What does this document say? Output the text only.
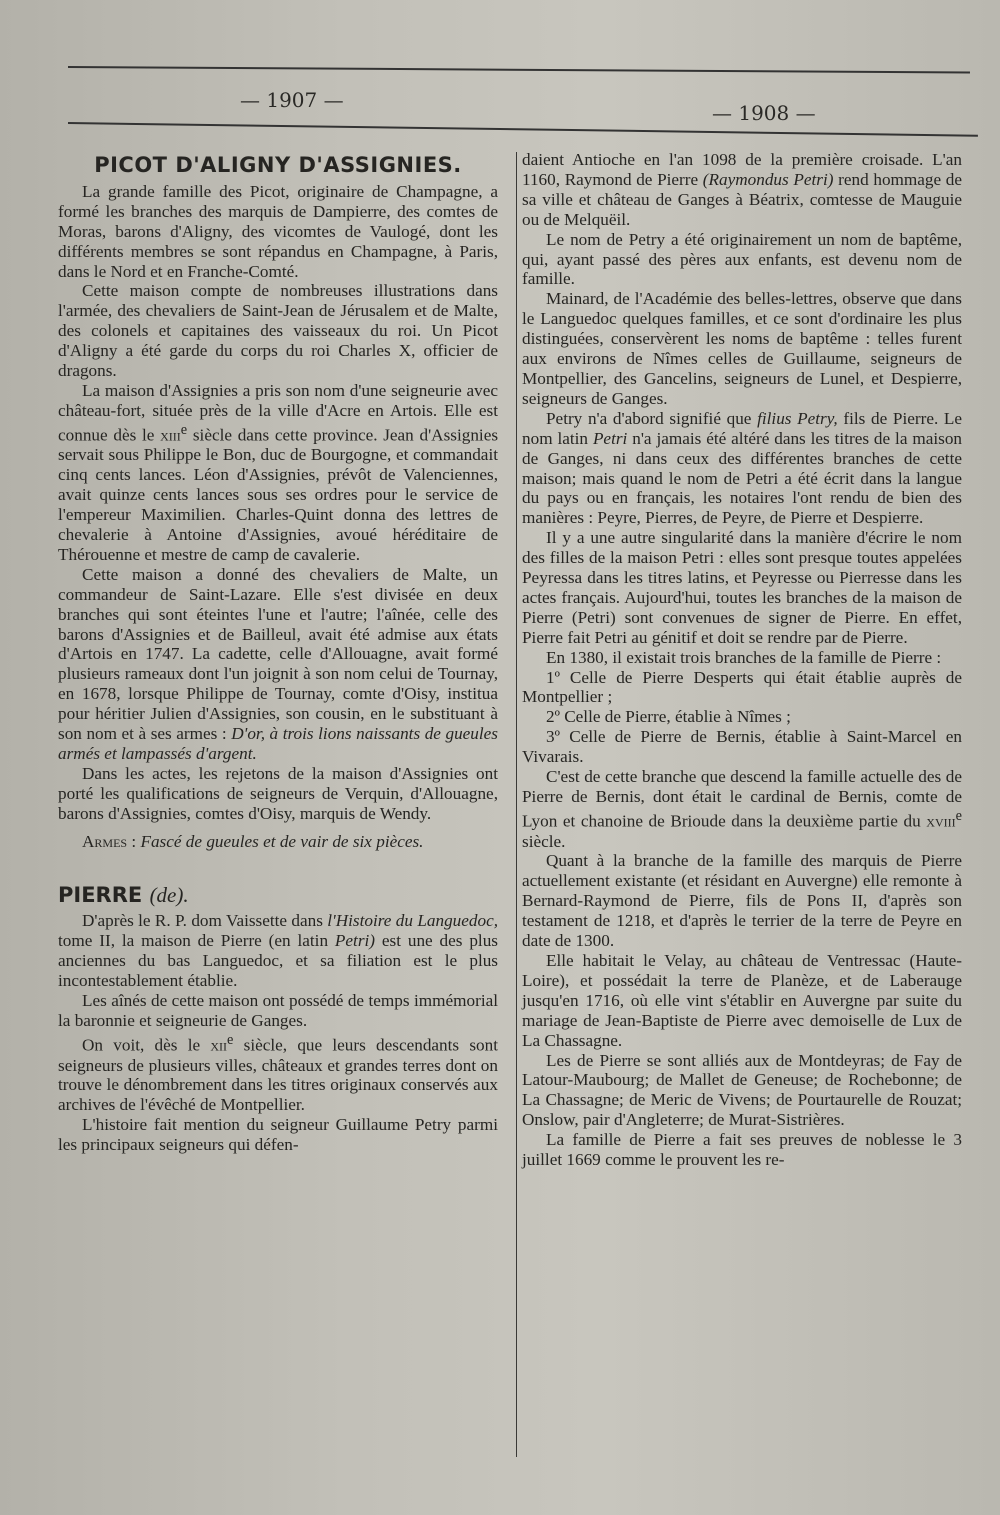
— 1907 —
— 1908 —
PICOT D'ALIGNY D'ASSIGNIES.

La grande famille des Picot, originaire de Champagne, a formé les branches des marquis de Dampierre, des comtes de Moras, barons d'Aligny, des vicomtes de Vaulogé, dont les différents membres se sont répandus en Champagne, à Paris, dans le Nord et en Franche-Comté.

Cette maison compte de nombreuses illustrations dans l'armée, des chevaliers de Saint-Jean de Jérusalem et de Malte, des colonels et capitaines des vaisseaux du roi. Un Picot d'Aligny a été garde du corps du roi Charles X, officier de dragons.

La maison d'Assignies a pris son nom d'une seigneurie avec château-fort, située près de la ville d'Acre en Artois. Elle est connue dès le xiii$^e$ siècle dans cette province. Jean d'Assignies servait sous Philippe le Bon, duc de Bourgogne, et commandait cinq cents lances. Léon d'Assignies, prévôt de Valenciennes, avait quinze cents lances sous ses ordres pour le service de l'empereur Maximilien. Charles-Quint donna des lettres de chevalerie à Antoine d'Assignies, avoué héréditaire de Thérouenne et mestre de camp de cavalerie.

Cette maison a donné des chevaliers de Malte, un commandeur de Saint-Lazare. Elle s'est divisée en deux branches qui sont éteintes l'une et l'autre; l'aînée, celle des barons d'Assignies et de Bailleul, avait été admise aux états d'Artois en 1747. La cadette, celle d'Allouagne, avait formé plusieurs rameaux dont l'un joignit à son nom celui de Tournay, en 1678, lorsque Philippe de Tournay, comte d'Oisy, institua pour héritier Julien d'Assignies, son cousin, en le substituant à son nom et à ses armes : D'or, à trois lions naissants de gueules armés et lampassés d'argent.

Dans les actes, les rejetons de la maison d'Assignies ont porté les qualifications de seigneurs de Verquin, d'Allouagne, barons d'Assignies, comtes d'Oisy, marquis de Wendy.

Armes : Fascé de gueules et de vair de six pièces.

PIERRE (de).

D'après le R. P. dom Vaissette dans l'Histoire du Languedoc, tome II, la maison de Pierre (en latin Petri) est une des plus anciennes du bas Languedoc, et sa filiation est le plus incontestablement établie.

Les aînés de cette maison ont possédé de temps immémorial la baronnie et seigneurie de Ganges.

On voit, dès le xii$^e$ siècle, que leurs descendants sont seigneurs de plusieurs villes, châteaux et grandes terres dont on trouve le dénombrement dans les titres originaux conservés aux archives de l'évêché de Montpellier.

L'histoire fait mention du seigneur Guillaume Petry parmi les principaux seigneurs qui défen-

daient Antioche en l'an 1098 de la première croisade. L'an 1160, Raymond de Pierre (Raymondus Petri) rend hommage de sa ville et château de Ganges à Béatrix, comtesse de Mauguie ou de Melquëil.

Le nom de Petry a été originairement un nom de baptême, qui, ayant passé des pères aux enfants, est devenu nom de famille.

Mainard, de l'Académie des belles-lettres, observe que dans le Languedoc quelques familles, et ce sont d'ordinaire les plus distinguées, conservèrent les noms de baptême : telles furent aux environs de Nîmes celles de Guillaume, seigneurs de Montpellier, des Gancelins, seigneurs de Lunel, et Despierre, seigneurs de Ganges.

Petry n'a d'abord signifié que filius Petry, fils de Pierre. Le nom latin Petri n'a jamais été altéré dans les titres de la maison de Ganges, ni dans ceux des différentes branches de cette maison; mais quand le nom de Petri a été écrit dans la langue du pays ou en français, les notaires l'ont rendu de bien des manières : Peyre, Pierres, de Peyre, de Pierre et Despierre.

Il y a une autre singularité dans la manière d'écrire le nom des filles de la maison Petri : elles sont presque toutes appelées Peyressa dans les titres latins, et Peyresse ou Pierresse dans les actes français. Aujourd'hui, toutes les branches de la maison de Pierre (Petri) sont convenues de signer de Pierre. En effet, Pierre fait Petri au génitif et doit se rendre par de Pierre.

En 1380, il existait trois branches de la famille de Pierre :

1º Celle de Pierre Desperts qui était établie auprès de Montpellier ;

2º Celle de Pierre, établie à Nîmes ;

3º Celle de Pierre de Bernis, établie à Saint-Marcel en Vivarais.

C'est de cette branche que descend la famille actuelle des de Pierre de Bernis, dont était le cardinal de Bernis, comte de Lyon et chanoine de Brioude dans la deuxième partie du xviii$^e$ siècle.

Quant à la branche de la famille des marquis de Pierre actuellement existante (et résidant en Auvergne) elle remonte à Bernard-Raymond de Pierre, fils de Pons II, d'après son testament de 1218, et d'après le terrier de la terre de Peyre en date de 1300.

Elle habitait le Velay, au château de Ventressac (Haute-Loire), et possédait la terre de Planèze, et de Laberauge jusqu'en 1716, où elle vint s'établir en Auvergne par suite du mariage de Jean-Baptiste de Pierre avec demoiselle de Lux de La Chassagne.

Les de Pierre se sont alliés aux de Montdeyras; de Fay de Latour-Maubourg; de Mallet de Geneuse; de Rochebonne; de La Chassagne; de Meric de Vivens; de Pourtaurelle de Rouzat; Onslow, pair d'Angleterre; de Murat-Sistrières.

La famille de Pierre a fait ses preuves de noblesse le 3 juillet 1669 comme le prouvent les re-
